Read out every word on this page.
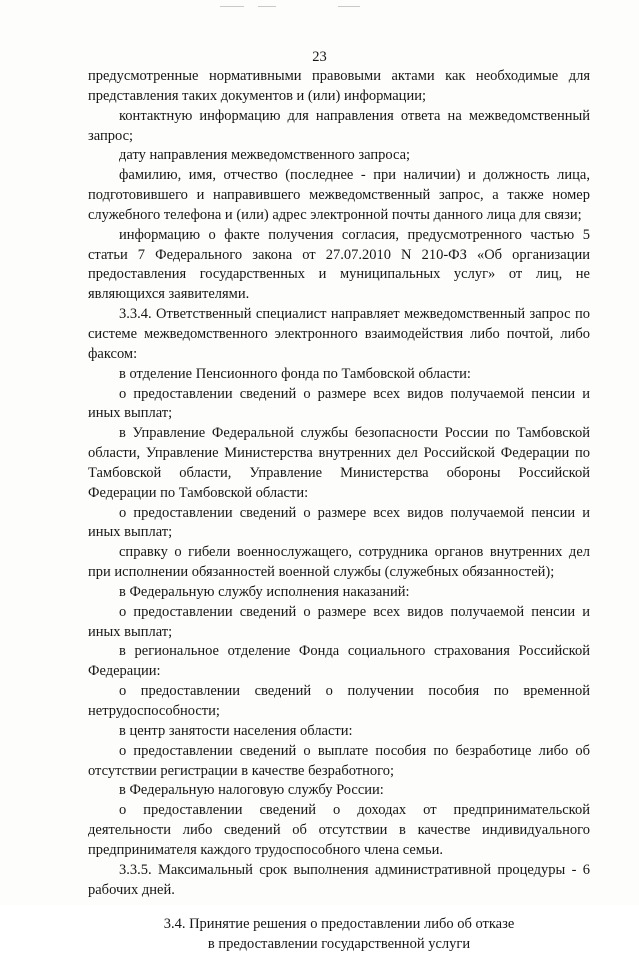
23

предусмотренные нормативными правовыми актами как необходимые для представления таких документов и (или) информации;

контактную информацию для направления ответа на межведомственный запрос;

дату направления межведомственного запроса;

фамилию, имя, отчество (последнее - при наличии) и должность лица, подготовившего и направившего межведомственный запрос, а также номер служебного телефона и (или) адрес электронной почты данного лица для связи;

информацию о факте получения согласия, предусмотренного частью 5 статьи 7 Федерального закона от 27.07.2010 N 210-ФЗ «Об организации предоставления государственных и муниципальных услуг» от лиц, не являющихся заявителями.

3.3.4. Ответственный специалист направляет межведомственный запрос по системе межведомственного электронного взаимодействия либо почтой, либо факсом:

в отделение Пенсионного фонда по Тамбовской области:

о предоставлении сведений о размере всех видов получаемой пенсии и иных выплат;

в Управление Федеральной службы безопасности России по Тамбовской области, Управление Министерства внутренних дел Российской Федерации по Тамбовской области, Управление Министерства обороны Российской Федерации по Тамбовской области:

о предоставлении сведений о размере всех видов получаемой пенсии и иных выплат;

справку о гибели военнослужащего, сотрудника органов внутренних дел при исполнении обязанностей военной службы (служебных обязанностей);

в Федеральную службу исполнения наказаний:

о предоставлении сведений о размере всех видов получаемой пенсии и иных выплат;

в региональное отделение Фонда социального страхования Российской Федерации:

о предоставлении сведений о получении пособия по временной нетрудоспособности;

в центр занятости населения области:

о предоставлении сведений о выплате пособия по безработице либо об отсутствии регистрации в качестве безработного;

в Федеральную налоговую службу России:

о предоставлении сведений о доходах от предпринимательской деятельности либо сведений об отсутствии в качестве индивидуального предпринимателя каждого трудоспособного члена семьи.

3.3.5. Максимальный срок выполнения административной процедуры - 6 рабочих дней.

3.4. Принятие решения о предоставлении либо об отказе
в предоставлении государственной услуги
